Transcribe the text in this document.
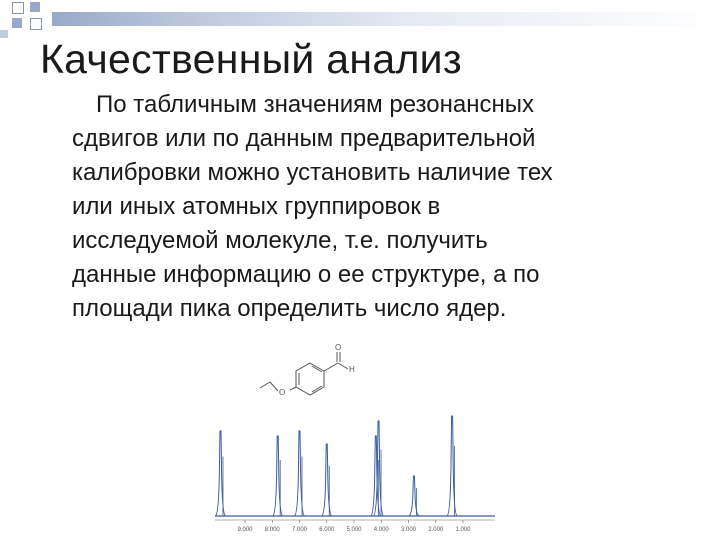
Качественный анализ
По табличным значениям резонансных
сдвигов или по данным предварительной
калибровки можно установить наличие тех
или иных атомных группировок в
исследуемой молекуле, т.е. получить
данные информацию о ее структуре, а по
площади пика определить число ядер.
O
H
O
9.000 8.000 7.000 6.000 5.000 4.000 3.000 2.000 1.000
